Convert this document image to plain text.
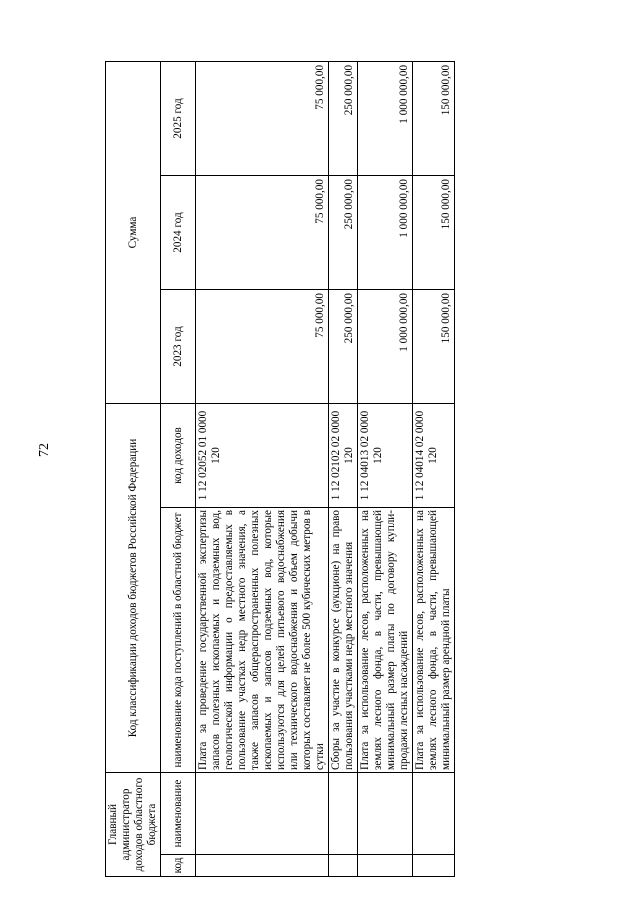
72
Главный администратор доходов областного бюджета		Код классификации доходов бюджетов Российской Федерации		Сумма		
код	наименование	наименование кода поступлений в областной бюджет	код доходов	2023 год	2024 год	2025 год
		Плата за проведение государственной экспертизы запасов полезных ископаемых и подземных вод, геологической информации о предоставляемых в пользование участках недр местного значения, а также запасов общераспространенных полезных ископаемых и запасов подземных вод, которые используются для целей питьевого водоснабжения или технического водоснабжения и объем добычи которых составляет не более 500 кубических метров в сутки	1 12 02052 01 0000 120	75 000,00	75 000,00	75 000,00
		Сборы за участие в конкурсе (аукционе) на право пользования участками недр местного значения	1 12 02102 02 0000 120	250 000,00	250 000,00	250 000,00
		Плата за использование лесов, расположенных на землях лесного фонда, в части, превышающей минимальный размер платы по договору купли-продажи лесных насаждений	1 12 04013 02 0000 120	1 000 000,00	1 000 000,00	1 000 000,00
		Плата за использование лесов, расположенных на землях лесного фонда, в части, превышающей минимальный размер арендной платы	1 12 04014 02 0000 120	150 000,00	150 000,00	150 000,00
